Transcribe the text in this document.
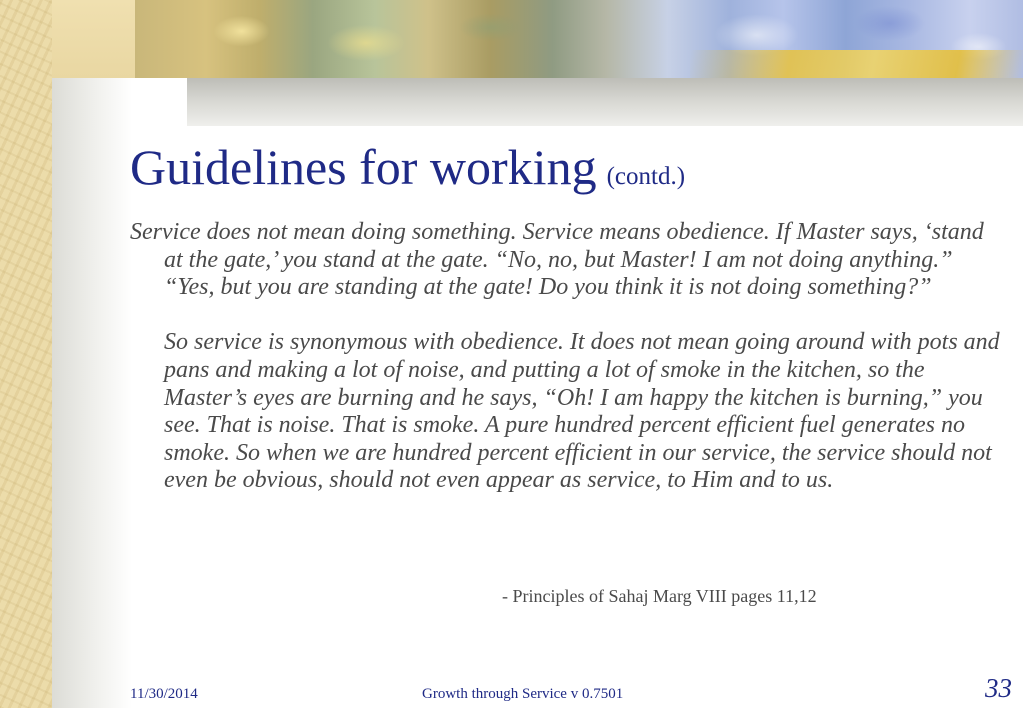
Guidelines for working (contd.)

Service does not mean doing something. Service means obedience. If Master says, ‘stand at the gate,’ you stand at the gate. “No, no, but Master! I am not doing anything.” “Yes, but you are standing at the gate! Do you think it is not doing something?”

So service is synonymous with obedience. It does not mean going around with pots and pans and making a lot of noise, and putting a lot of smoke in the kitchen, so the Master’s eyes are burning and he says, “Oh! I am happy the kitchen is burning,” you see. That is noise. That is smoke. A pure hundred percent efficient fuel generates no smoke. So when we are hundred percent efficient in our service, the service should not even be obvious, should not even appear as service, to Him and to us.

- Principles of Sahaj Marg VIII pages 11,12
11/30/2014	Growth through Service v 0.7501	33
